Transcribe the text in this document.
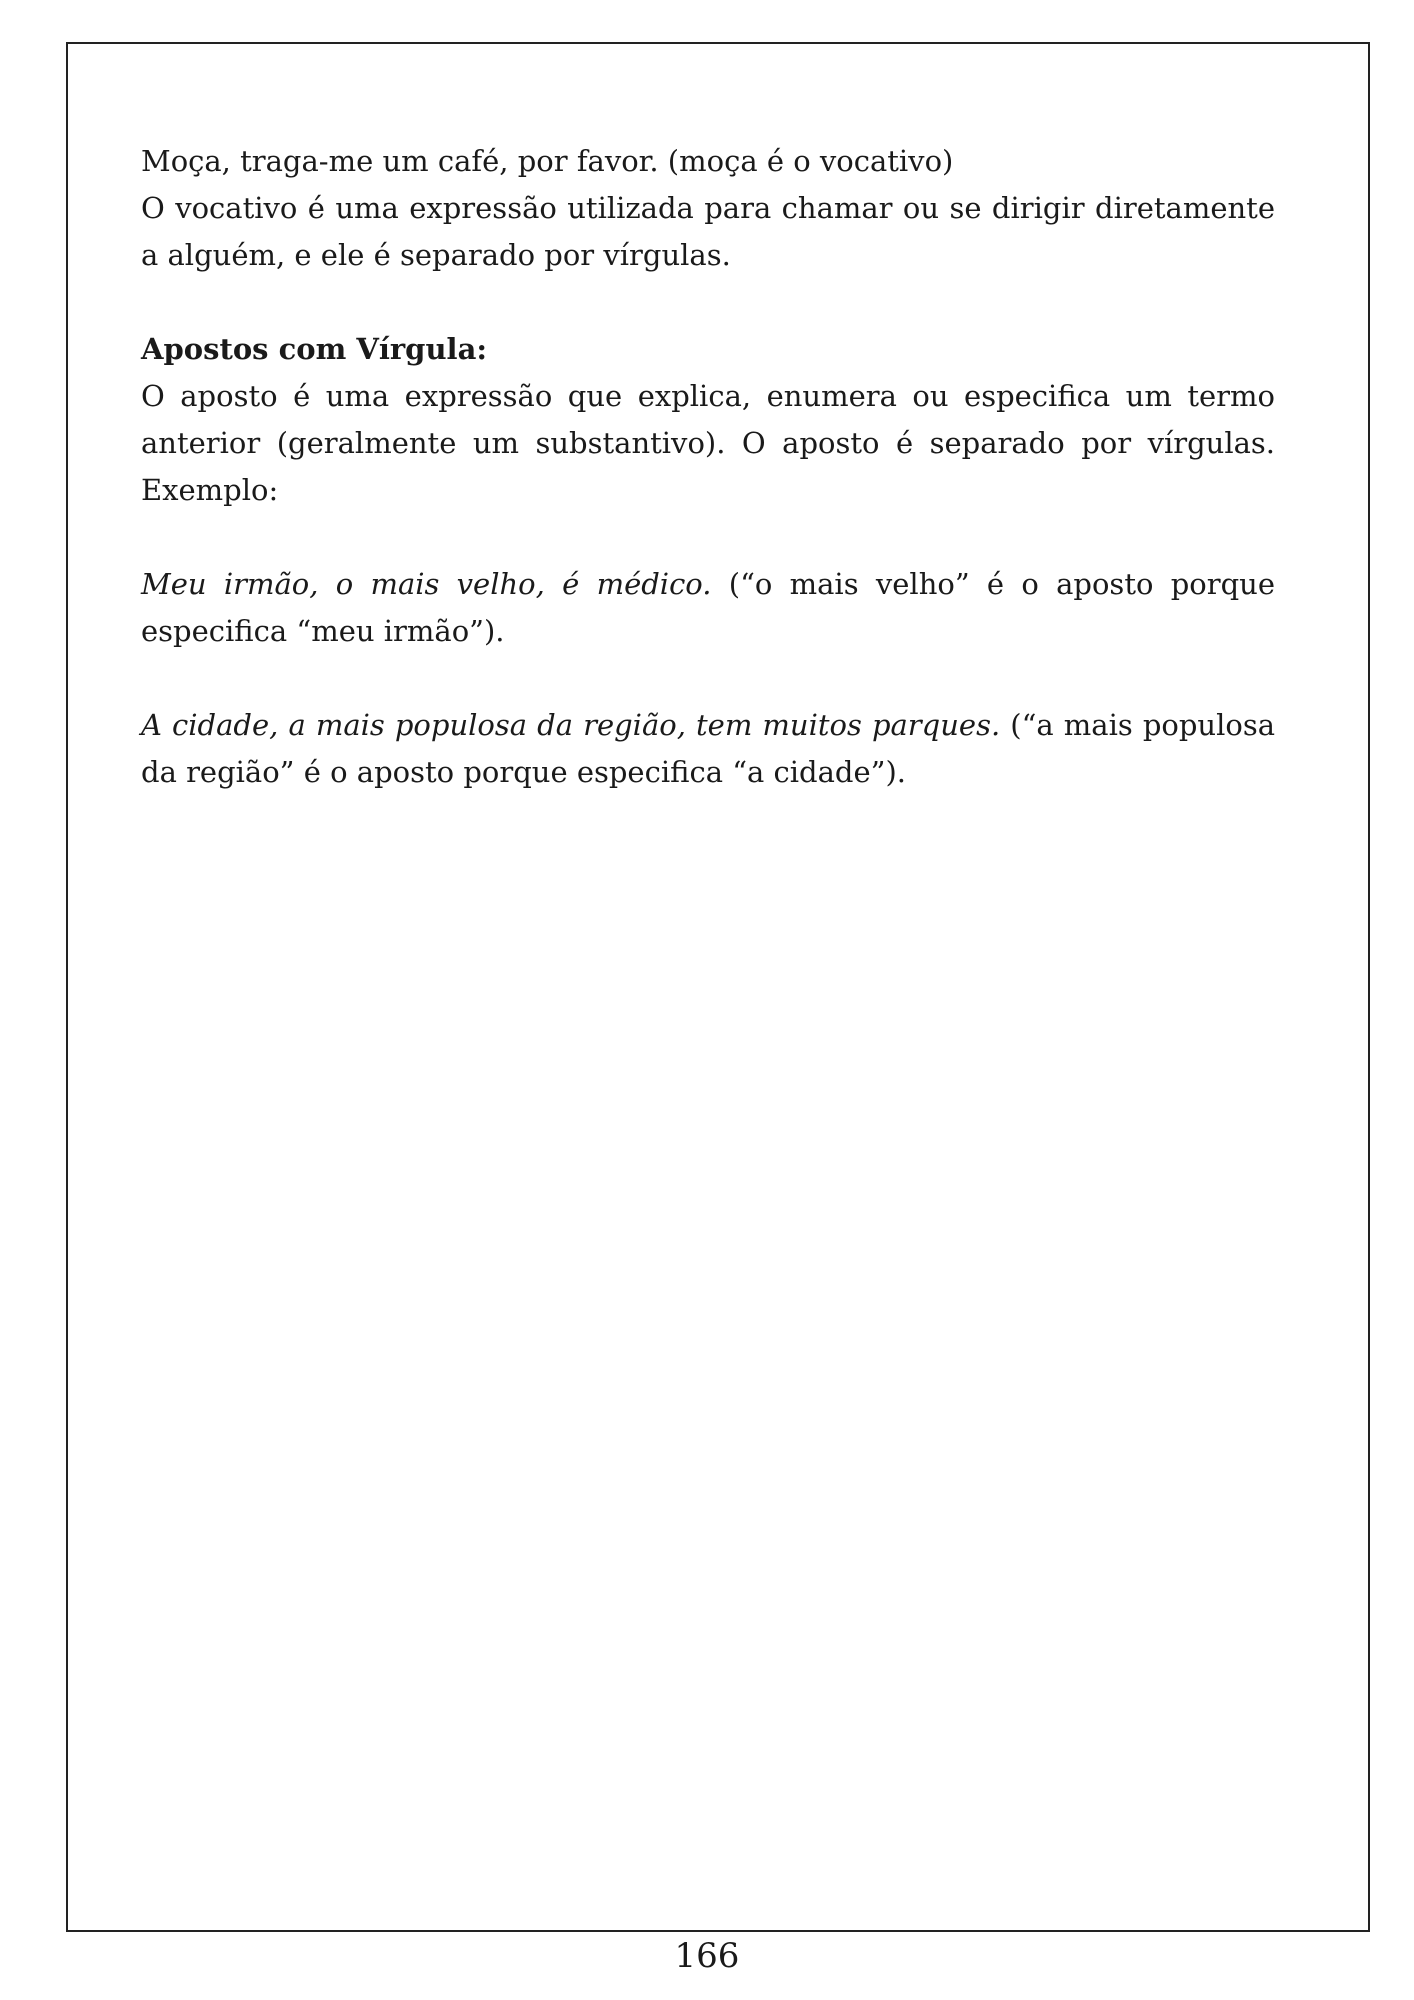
Moça, traga-me um café, por favor. (moça é o vocativo)

O vocativo é uma expressão utilizada para chamar ou se dirigir diretamente a alguém, e ele é separado por vírgulas.

Apostos com Vírgula:

O aposto é uma expressão que explica, enumera ou especifica um termo anterior (geralmente um substantivo). O aposto é separado por vírgulas. Exemplo:

Meu irmão, o mais velho, é médico. (“o mais velho” é o aposto porque especifica “meu irmão”).

A cidade, a mais populosa da região, tem muitos parques. (“a mais populosa da região” é o aposto porque especifica “a cidade”).

166
